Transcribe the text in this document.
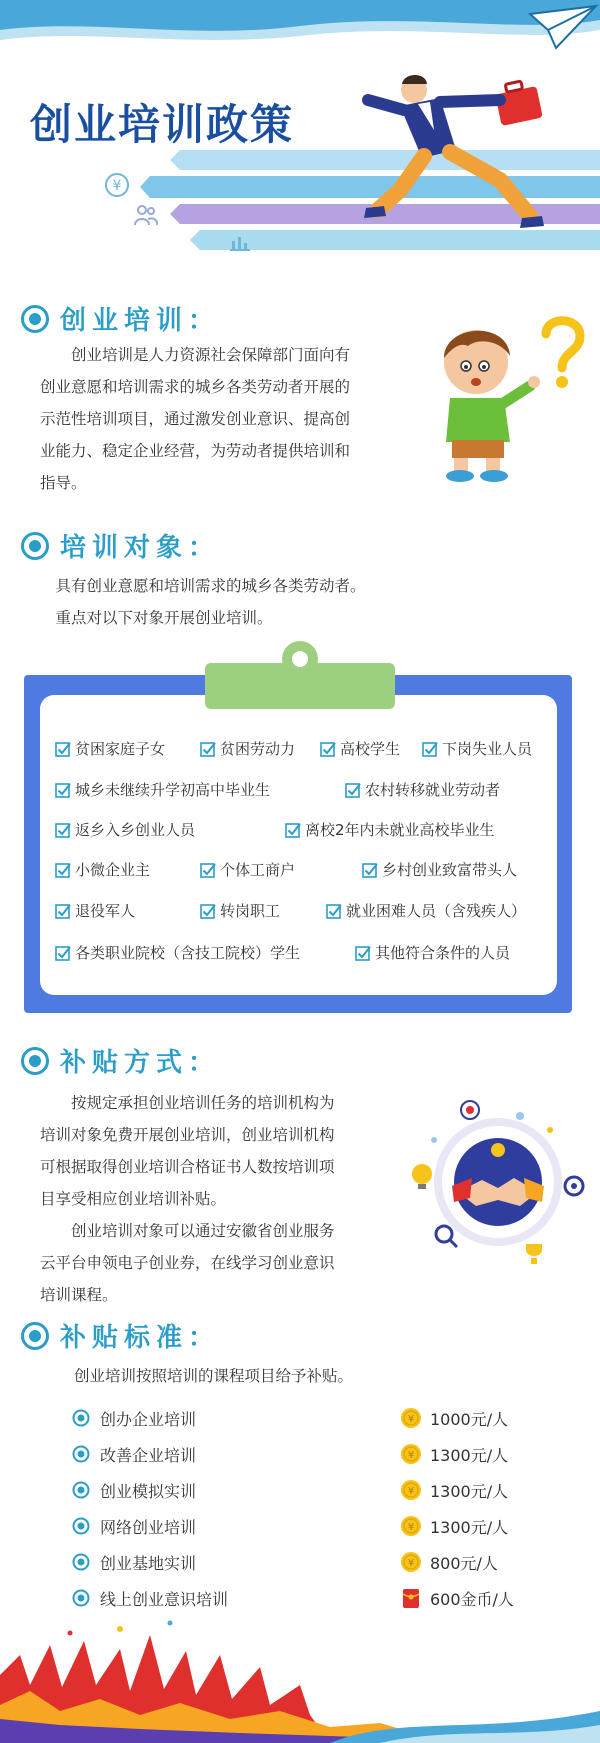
创业培训政策
¥
创业培训：
　　创业培训是人力资源社会保障部门面向有
创业意愿和培训需求的城乡各类劳动者开展的
示范性培训项目，通过激发创业意识、提高创
业能力、稳定企业经营，为劳动者提供培训和
指导。
培训对象：
　具有创业意愿和培训需求的城乡各类劳动者。
　重点对以下对象开展创业培训。
贫困家庭子女	贫困劳动力	高校学生	下岗失业人员
城乡未继续升学初高中毕业生	农村转移就业劳动者
返乡入乡创业人员	离校2年内未就业高校毕业生
小微企业主	个体工商户	乡村创业致富带头人
退役军人	转岗职工	就业困难人员（含残疾人）
各类职业院校（含技工院校）学生	其他符合条件的人员
补贴方式：
　　按规定承担创业培训任务的培训机构为
培训对象免费开展创业培训，创业培训机构
可根据取得创业培训合格证书人数按培训项
目享受相应创业培训补贴。
　　创业培训对象可以通过安徽省创业服务
云平台申领电子创业券，在线学习创业意识
培训课程。
补贴标准：
创业培训按照培训的课程项目给予补贴。
创办企业培训	¥ 1000元/人
改善企业培训	¥ 1300元/人
创业模拟实训	¥ 1300元/人
网络创业培训	¥ 1300元/人
创业基地实训	¥ 800元/人
线上创业意识培训	600金币/人
